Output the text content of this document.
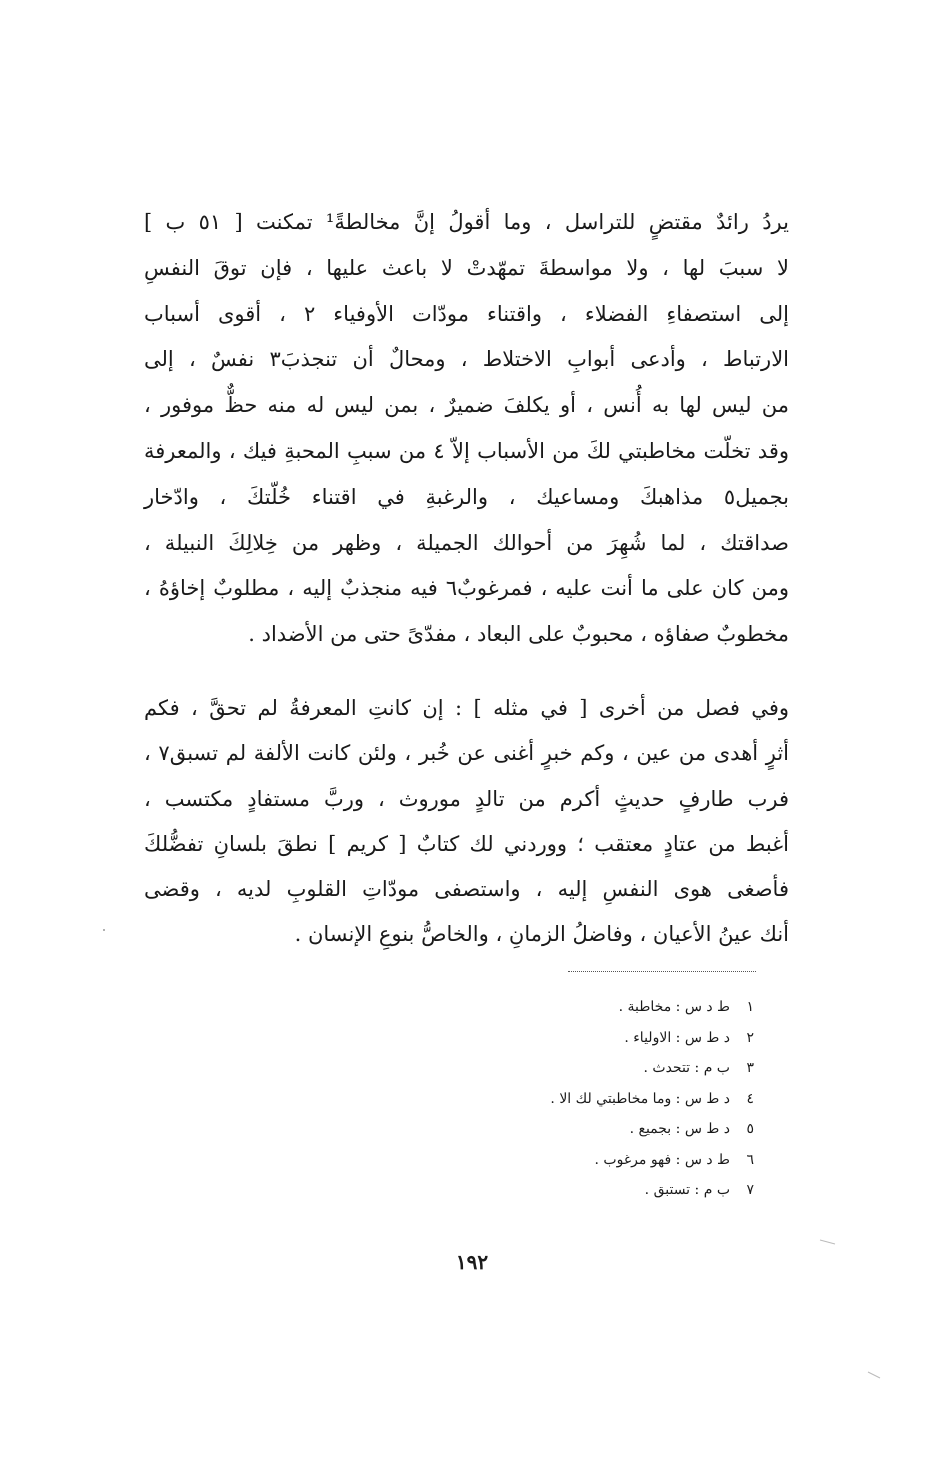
يردُ رائدٌ مقتضٍ للتراسل ، وما أقولُ إنَّ مخالطةً¹ تمكنت [ ٥١ ب ]
لا سببَ لها ، ولا مواسطةَ تمهّدتْ لا باعث عليها ، فإن توقَ النفسِ
إلى استصفاءِ الفضلاء ، واقتناء مودّات الأوفياء ٢ ، أقوى أسباب
الارتباط ، وأدعى أبوابِ الاختلاط ، ومحالٌ أن تنجذبَ٣ نفسٌ ، إلى
من ليس لها به أُنس ، أو يكلفَ ضميرٌ ، بمن ليس له منه حظٌّ موفور ،
وقد تخلّت مخاطبتي لكَ من الأسباب إلاّ ٤ من سببِ المحبةِ فيك ، والمعرفة
بجميل٥ مذاهبكَ ومساعيك ، والرغبةِ في اقتناء خُلّتكَ ، وادّخار
صداقتك ، لما شُهِرَ من أحوالك الجميلة ، وظهر من خِلالِكَ النبيلة ،
ومن كان على ما أنت عليه ، فمرغوبٌ٦ فيه منجذبٌ إليه ، مطلوبٌ إخاؤهُ ،
مخطوبٌ صفاؤه ، محبوبٌ على البعاد ، مفدّىً حتى من الأضداد .
وفي فصل من أخرى [ في مثله ] : إن كانتِ المعرفةُ لم تحقَّ ، فكم
أثرٍ أهدى من عين ، وكم خبرٍ أغنى عن خُبر ، ولئن كانت الألفة لم تسبق٧ ،
فرب طارفٍ حديثٍ أكرم من تالدٍ موروث ، وربَّ مستفادٍ مكتسب ،
أغبط من عتادٍ معتقب ؛ ووردني لك كتابٌ [ كريم ] نطقَ بلسانِ تفضُّلكَ
فأصغى هوى النفسِ إليه ، واستصفى مودّاتِ القلوبِ لديه ، وقضى
أنك عينُ الأعيان ، وفاضلُ الزمانِ ، والخاصُّ بنوعِ الإنسان .
١ط د س : مخاطبة .
٢د ط س : الاولياء .
٣ب م : تتحدث .
٤د ط س : وما مخاطبتي لك الا .
٥د ط س : بجميع .
٦ط د س : فهو مرغوب .
٧ب م : تستبق .
١٩٢
